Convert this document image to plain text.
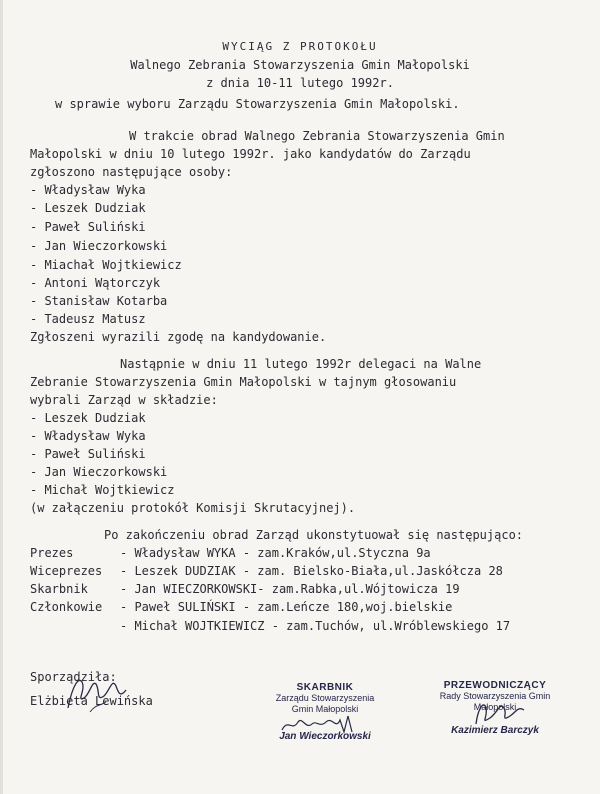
WYCIĄG Z PROTOKOŁU
Walnego Zebrania Stowarzyszenia Gmin Małopolski
z dnia 10-11 lutego 1992r.
w sprawie wyboru Zarządu Stowarzyszenia Gmin Małopolski.
W trakcie obrad Walnego Zebrania Stowarzyszenia Gmin
Małopolski w dniu 10 lutego 1992r. jako kandydatów do Zarządu
zgłoszono następujące osoby:
- Władysław Wyka
- Leszek Dudziak
- Paweł Suliński
- Jan Wieczorkowski
- Miachał Wojtkiewicz
- Antoni Wątorczyk
- Stanisław Kotarba
- Tadeusz Matusz
Zgłoszeni wyrazili zgodę na kandydowanie.
Nastąpnie w dniu 11 lutego 1992r delegaci na Walne
Zebranie Stowarzyszenia Gmin Małopolski w tajnym głosowaniu
wybrali Zarząd w składzie:
- Leszek Dudziak
- Władysław Wyka
- Paweł Suliński
- Jan Wieczorkowski
- Michał Wojtkiewicz
(w załączeniu protokół Komisji Skrutacyjnej).
Po zakończeniu obrad Zarząd ukonstytuował się następująco:
Prezes	- Władysław WYKA - zam.Kraków,ul.Styczna 9a
Wiceprezes	- Leszek DUDZIAK - zam. Bielsko-Biała,ul.Jaskółcza 28
Skarbnik	- Jan WIECZORKOWSKI- zam.Rabka,ul.Wójtowicza 19
Członkowie	- Paweł SULIŃSKI - zam.Leńcze 180,woj.bielskie
- Michał WOJTKIEWICZ - zam.Tuchów, ul.Wróblewskiego 17
Sporządziła:
Elżbieta Lewińska
SKARBNIK
Zarządu Stowarzyszenia
Gmin Małopolski
Jan Wieczorkowski
PRZEWODNICZĄCY
Rady Stowarzyszenia Gmin
Małopolski
Kazimierz Barczyk
